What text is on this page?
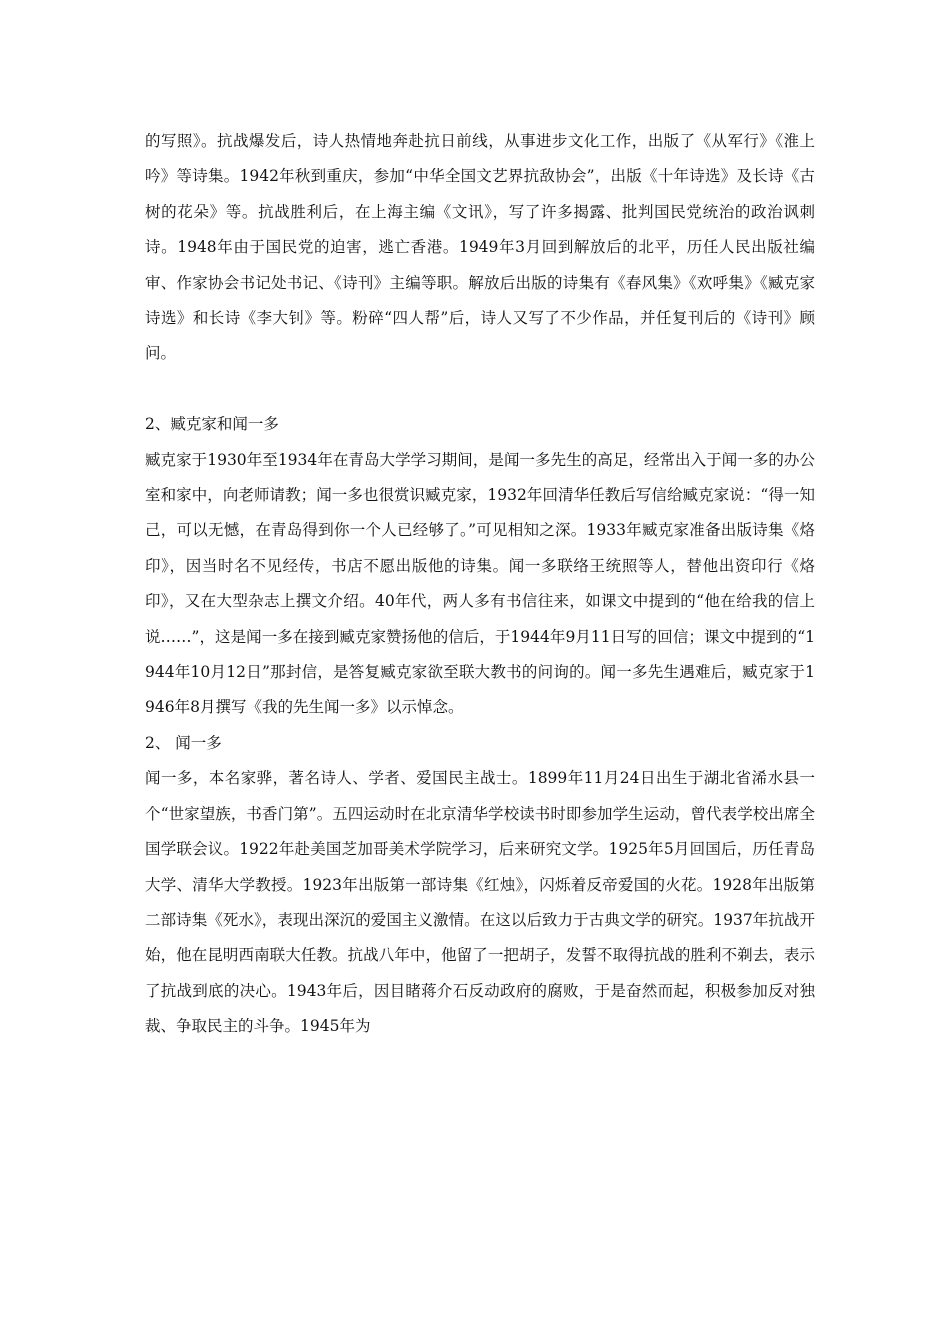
的写照》。抗战爆发后，诗人热情地奔赴抗日前线，从事进步文化工作，出版了《从军行》《淮上吟》等诗集。1942年秋到重庆，参加“中华全国文艺界抗敌协会”，出版《十年诗选》及长诗《古树的花朵》等。抗战胜利后，在上海主编《文讯》，写了许多揭露、批判国民党统治的政治讽刺诗。1948年由于国民党的迫害，逃亡香港。1949年3月回到解放后的北平，历任人民出版社编审、作家协会书记处书记、《诗刊》主编等职。解放后出版的诗集有《春风集》《欢呼集》《臧克家诗选》和长诗《李大钊》等。粉碎“四人帮”后，诗人又写了不少作品，并任复刊后的《诗刊》顾问。

2、臧克家和闻一多

臧克家于1930年至1934年在青岛大学学习期间，是闻一多先生的高足，经常出入于闻一多的办公室和家中，向老师请教；闻一多也很赏识臧克家，1932年回清华任教后写信给臧克家说：“得一知己，可以无憾，在青岛得到你一个人已经够了。”可见相知之深。1933年臧克家准备出版诗集《烙印》，因当时名不见经传，书店不愿出版他的诗集。闻一多联络王统照等人，替他出资印行《烙印》，又在大型杂志上撰文介绍。40年代，两人多有书信往来，如课文中提到的“他在给我的信上说……”，这是闻一多在接到臧克家赞扬他的信后，于1944年9月11日写的回信；课文中提到的“1944年10月12日”那封信，是答复臧克家欲至联大教书的问询的。闻一多先生遇难后，臧克家于1946年8月撰写《我的先生闻一多》以示悼念。

2、 闻一多

闻一多，本名家骅，著名诗人、学者、爱国民主战士。1899年11月24日出生于湖北省浠水县一个“世家望族，书香门第”。五四运动时在北京清华学校读书时即参加学生运动，曾代表学校出席全国学联会议。1922年赴美国芝加哥美术学院学习，后来研究文学。1925年5月回国后，历任青岛大学、清华大学教授。1923年出版第一部诗集《红烛》，闪烁着反帝爱国的火花。1928年出版第二部诗集《死水》，表现出深沉的爱国主义激情。在这以后致力于古典文学的研究。1937年抗战开始，他在昆明西南联大任教。抗战八年中，他留了一把胡子，发誓不取得抗战的胜利不剃去，表示了抗战到底的决心。1943年后，因目睹蒋介石反动政府的腐败，于是奋然而起，积极参加反对独裁、争取民主的斗争。1945年为
